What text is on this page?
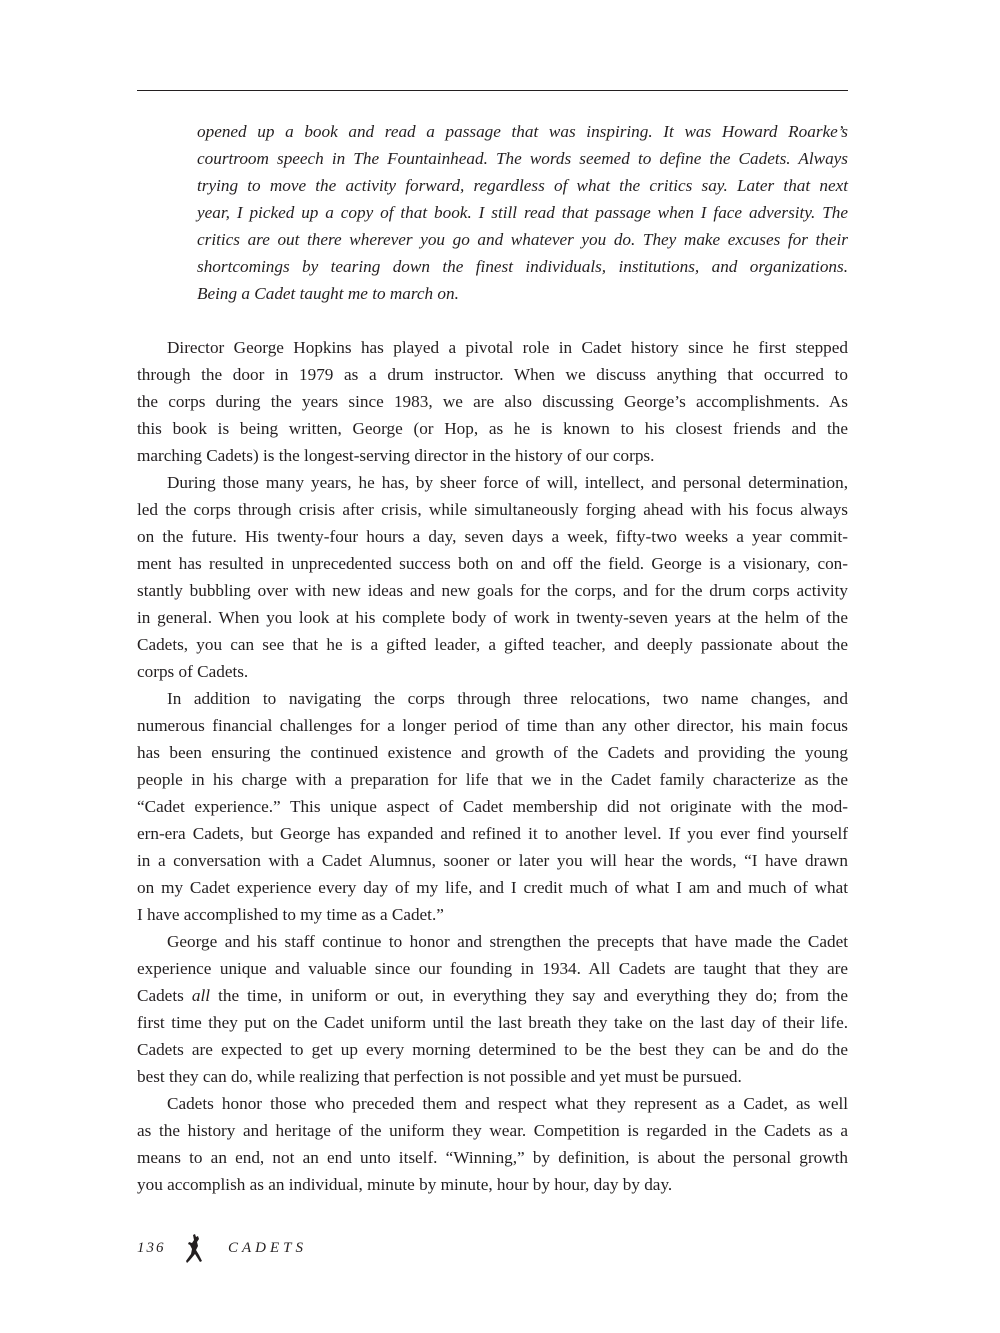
opened up a book and read a passage that was inspiring. It was Howard Roarke’s
courtroom speech in The Fountainhead. The words seemed to define the Cadets. Always
trying to move the activity forward, regardless of what the critics say. Later that next
year, I picked up a copy of that book. I still read that passage when I face adversity. The
critics are out there wherever you go and whatever you do. They make excuses for their
shortcomings by tearing down the finest individuals, institutions, and organizations.
Being a Cadet taught me to march on.
Director George Hopkins has played a pivotal role in Cadet history since he first stepped
through the door in 1979 as a drum instructor. When we discuss anything that occurred to
the corps during the years since 1983, we are also discussing George’s accomplishments. As
this book is being written, George (or Hop, as he is known to his closest friends and the
marching Cadets) is the longest-serving director in the history of our corps.
During those many years, he has, by sheer force of will, intellect, and personal determination,
led the corps through crisis after crisis, while simultaneously forging ahead with his focus always
on the future. His twenty-four hours a day, seven days a week, fifty-two weeks a year commit-
ment has resulted in unprecedented success both on and off the field. George is a visionary, con-
stantly bubbling over with new ideas and new goals for the corps, and for the drum corps activity
in general. When you look at his complete body of work in twenty-seven years at the helm of the
Cadets, you can see that he is a gifted leader, a gifted teacher, and deeply passionate about the
corps of Cadets.
In addition to navigating the corps through three relocations, two name changes, and
numerous financial challenges for a longer period of time than any other director, his main focus
has been ensuring the continued existence and growth of the Cadets and providing the young
people in his charge with a preparation for life that we in the Cadet family characterize as the
“Cadet experience.” This unique aspect of Cadet membership did not originate with the mod-
ern-era Cadets, but George has expanded and refined it to another level. If you ever find yourself
in a conversation with a Cadet Alumnus, sooner or later you will hear the words, “I have drawn
on my Cadet experience every day of my life, and I credit much of what I am and much of what
I have accomplished to my time as a Cadet.”
George and his staff continue to honor and strengthen the precepts that have made the Cadet
experience unique and valuable since our founding in 1934. All Cadets are taught that they are
Cadets all the time, in uniform or out, in everything they say and everything they do; from the
first time they put on the Cadet uniform until the last breath they take on the last day of their life.
Cadets are expected to get up every morning determined to be the best they can be and do the
best they can do, while realizing that perfection is not possible and yet must be pursued.
Cadets honor those who preceded them and respect what they represent as a Cadet, as well
as the history and heritage of the uniform they wear. Competition is regarded in the Cadets as a
means to an end, not an end unto itself. “Winning,” by definition, is about the personal growth
you accomplish as an individual, minute by minute, hour by hour, day by day.
136	CADETS
